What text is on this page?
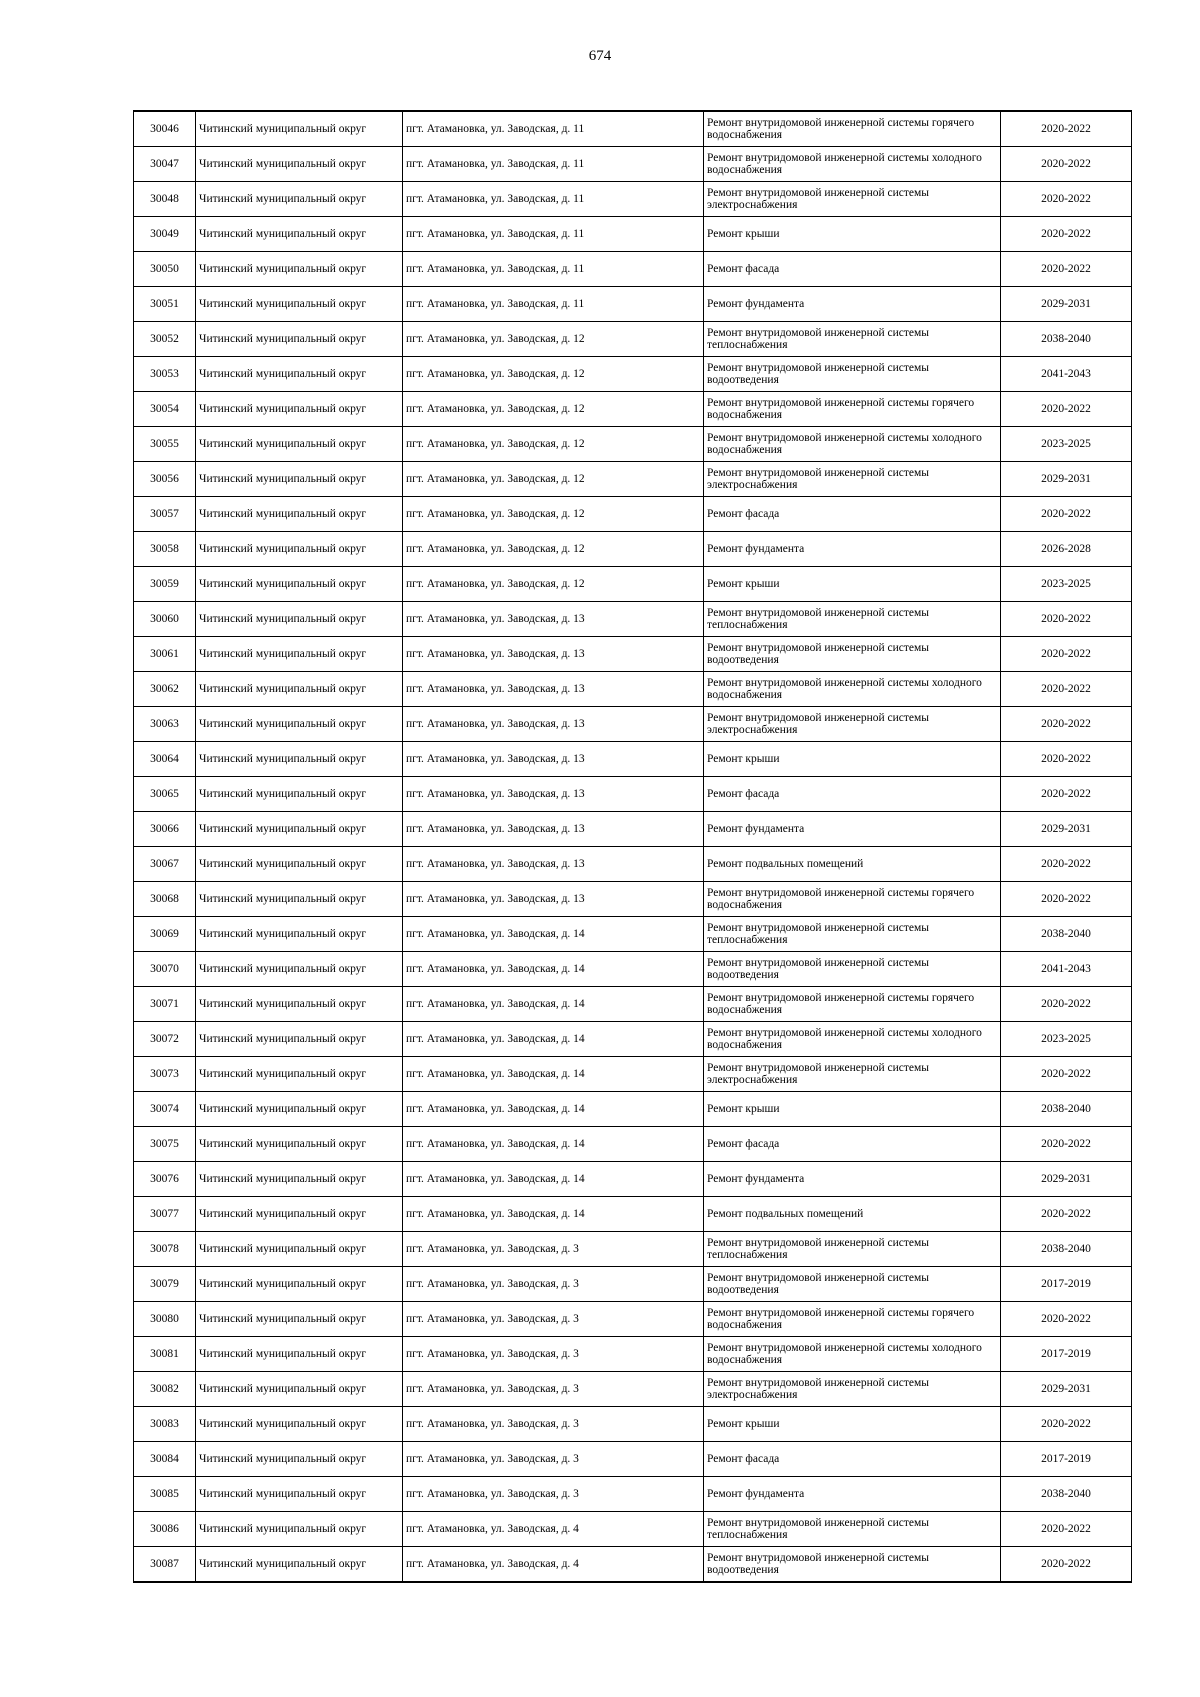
674
30046	Читинский муниципальный округ	пгт. Атамановка, ул. Заводская, д. 11	Ремонт внутридомовой инженерной системы горячего водоснабжения	2020-2022
30047	Читинский муниципальный округ	пгт. Атамановка, ул. Заводская, д. 11	Ремонт внутридомовой инженерной системы холодного водоснабжения	2020-2022
30048	Читинский муниципальный округ	пгт. Атамановка, ул. Заводская, д. 11	Ремонт внутридомовой инженерной системы электроснабжения	2020-2022
30049	Читинский муниципальный округ	пгт. Атамановка, ул. Заводская, д. 11	Ремонт крыши	2020-2022
30050	Читинский муниципальный округ	пгт. Атамановка, ул. Заводская, д. 11	Ремонт фасада	2020-2022
30051	Читинский муниципальный округ	пгт. Атамановка, ул. Заводская, д. 11	Ремонт фундамента	2029-2031
30052	Читинский муниципальный округ	пгт. Атамановка, ул. Заводская, д. 12	Ремонт внутридомовой инженерной системы теплоснабжения	2038-2040
30053	Читинский муниципальный округ	пгт. Атамановка, ул. Заводская, д. 12	Ремонт внутридомовой инженерной системы водоотведения	2041-2043
30054	Читинский муниципальный округ	пгт. Атамановка, ул. Заводская, д. 12	Ремонт внутридомовой инженерной системы горячего водоснабжения	2020-2022
30055	Читинский муниципальный округ	пгт. Атамановка, ул. Заводская, д. 12	Ремонт внутридомовой инженерной системы холодного водоснабжения	2023-2025
30056	Читинский муниципальный округ	пгт. Атамановка, ул. Заводская, д. 12	Ремонт внутридомовой инженерной системы электроснабжения	2029-2031
30057	Читинский муниципальный округ	пгт. Атамановка, ул. Заводская, д. 12	Ремонт фасада	2020-2022
30058	Читинский муниципальный округ	пгт. Атамановка, ул. Заводская, д. 12	Ремонт фундамента	2026-2028
30059	Читинский муниципальный округ	пгт. Атамановка, ул. Заводская, д. 12	Ремонт крыши	2023-2025
30060	Читинский муниципальный округ	пгт. Атамановка, ул. Заводская, д. 13	Ремонт внутридомовой инженерной системы теплоснабжения	2020-2022
30061	Читинский муниципальный округ	пгт. Атамановка, ул. Заводская, д. 13	Ремонт внутридомовой инженерной системы водоотведения	2020-2022
30062	Читинский муниципальный округ	пгт. Атамановка, ул. Заводская, д. 13	Ремонт внутридомовой инженерной системы холодного водоснабжения	2020-2022
30063	Читинский муниципальный округ	пгт. Атамановка, ул. Заводская, д. 13	Ремонт внутридомовой инженерной системы электроснабжения	2020-2022
30064	Читинский муниципальный округ	пгт. Атамановка, ул. Заводская, д. 13	Ремонт крыши	2020-2022
30065	Читинский муниципальный округ	пгт. Атамановка, ул. Заводская, д. 13	Ремонт фасада	2020-2022
30066	Читинский муниципальный округ	пгт. Атамановка, ул. Заводская, д. 13	Ремонт фундамента	2029-2031
30067	Читинский муниципальный округ	пгт. Атамановка, ул. Заводская, д. 13	Ремонт подвальных помещений	2020-2022
30068	Читинский муниципальный округ	пгт. Атамановка, ул. Заводская, д. 13	Ремонт внутридомовой инженерной системы горячего водоснабжения	2020-2022
30069	Читинский муниципальный округ	пгт. Атамановка, ул. Заводская, д. 14	Ремонт внутридомовой инженерной системы теплоснабжения	2038-2040
30070	Читинский муниципальный округ	пгт. Атамановка, ул. Заводская, д. 14	Ремонт внутридомовой инженерной системы водоотведения	2041-2043
30071	Читинский муниципальный округ	пгт. Атамановка, ул. Заводская, д. 14	Ремонт внутридомовой инженерной системы горячего водоснабжения	2020-2022
30072	Читинский муниципальный округ	пгт. Атамановка, ул. Заводская, д. 14	Ремонт внутридомовой инженерной системы холодного водоснабжения	2023-2025
30073	Читинский муниципальный округ	пгт. Атамановка, ул. Заводская, д. 14	Ремонт внутридомовой инженерной системы электроснабжения	2020-2022
30074	Читинский муниципальный округ	пгт. Атамановка, ул. Заводская, д. 14	Ремонт крыши	2038-2040
30075	Читинский муниципальный округ	пгт. Атамановка, ул. Заводская, д. 14	Ремонт фасада	2020-2022
30076	Читинский муниципальный округ	пгт. Атамановка, ул. Заводская, д. 14	Ремонт фундамента	2029-2031
30077	Читинский муниципальный округ	пгт. Атамановка, ул. Заводская, д. 14	Ремонт подвальных помещений	2020-2022
30078	Читинский муниципальный округ	пгт. Атамановка, ул. Заводская, д. 3	Ремонт внутридомовой инженерной системы теплоснабжения	2038-2040
30079	Читинский муниципальный округ	пгт. Атамановка, ул. Заводская, д. 3	Ремонт внутридомовой инженерной системы водоотведения	2017-2019
30080	Читинский муниципальный округ	пгт. Атамановка, ул. Заводская, д. 3	Ремонт внутридомовой инженерной системы горячего водоснабжения	2020-2022
30081	Читинский муниципальный округ	пгт. Атамановка, ул. Заводская, д. 3	Ремонт внутридомовой инженерной системы холодного водоснабжения	2017-2019
30082	Читинский муниципальный округ	пгт. Атамановка, ул. Заводская, д. 3	Ремонт внутридомовой инженерной системы электроснабжения	2029-2031
30083	Читинский муниципальный округ	пгт. Атамановка, ул. Заводская, д. 3	Ремонт крыши	2020-2022
30084	Читинский муниципальный округ	пгт. Атамановка, ул. Заводская, д. 3	Ремонт фасада	2017-2019
30085	Читинский муниципальный округ	пгт. Атамановка, ул. Заводская, д. 3	Ремонт фундамента	2038-2040
30086	Читинский муниципальный округ	пгт. Атамановка, ул. Заводская, д. 4	Ремонт внутридомовой инженерной системы теплоснабжения	2020-2022
30087	Читинский муниципальный округ	пгт. Атамановка, ул. Заводская, д. 4	Ремонт внутридомовой инженерной системы водоотведения	2020-2022
